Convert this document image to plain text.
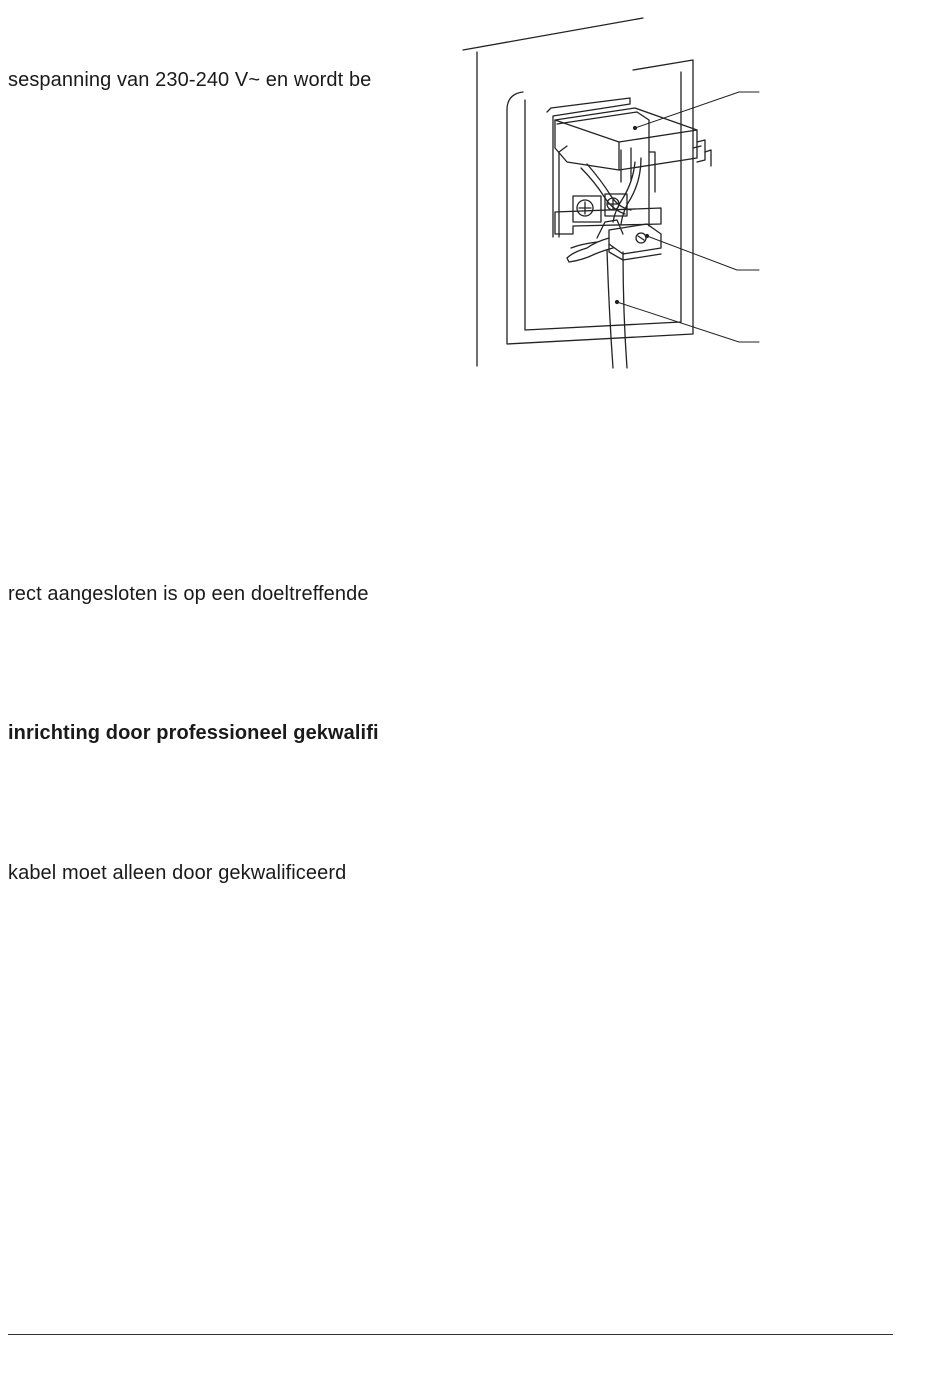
sespanning van 230-240 V~ en wordt be
rect aangesloten is op een doeltreffende
inrichting door professioneel gekwalifi
kabel moet alleen door gekwalificeerd
